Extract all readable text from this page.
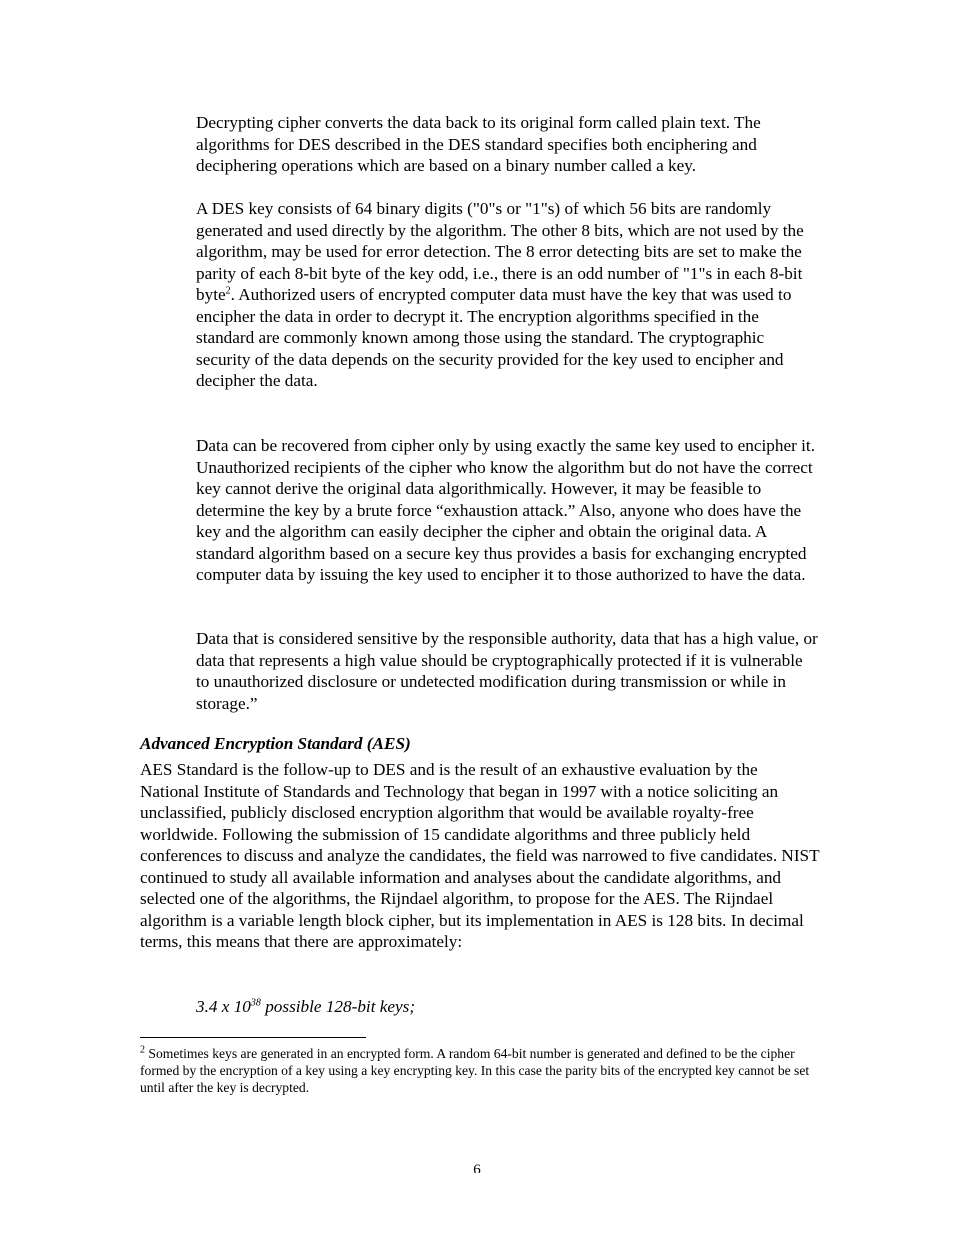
Decrypting cipher converts the data back to its original form called plain text. The algorithms for DES described in the DES standard specifies both enciphering and deciphering operations which are based on a binary number called a key.

A DES key consists of 64 binary digits ("0"s or "1"s) of which 56 bits are randomly generated and used directly by the algorithm. The other 8 bits, which are not used by the algorithm, may be used for error detection. The 8 error detecting bits are set to make the parity of each 8-bit byte of the key odd, i.e., there is an odd number of "1"s in each 8-bit byte$^2$. Authorized users of encrypted computer data must have the key that was used to encipher the data in order to decrypt it. The encryption algorithms specified in the standard are commonly known among those using the standard. The cryptographic security of the data depends on the security provided for the key used to encipher and decipher the data.

Data can be recovered from cipher only by using exactly the same key used to encipher it. Unauthorized recipients of the cipher who know the algorithm but do not have the correct key cannot derive the original data algorithmically. However, it may be feasible to determine the key by a brute force “exhaustion attack.” Also, anyone who does have the key and the algorithm can easily decipher the cipher and obtain the original data. A standard algorithm based on a secure key thus provides a basis for exchanging encrypted computer data by issuing the key used to encipher it to those authorized to have the data.

Data that is considered sensitive by the responsible authority, data that has a high value, or data that represents a high value should be cryptographically protected if it is vulnerable to unauthorized disclosure or undetected modification during transmission or while in storage.”

Advanced Encryption Standard (AES)

AES Standard is the follow-up to DES and is the result of an exhaustive evaluation by the National Institute of Standards and Technology that began in 1997 with a notice soliciting an unclassified, publicly disclosed encryption algorithm that would be available royalty-free worldwide. Following the submission of 15 candidate algorithms and three publicly held conferences to discuss and analyze the candidates, the field was narrowed to five candidates. NIST continued to study all available information and analyses about the candidate algorithms, and selected one of the algorithms, the Rijndael algorithm, to propose for the AES. The Rijndael algorithm is a variable length block cipher, but its implementation in AES is 128 bits. In decimal terms, this means that there are approximately:

3.4 x $10^{38}$ possible 128-bit keys;

$^2$ Sometimes keys are generated in an encrypted form. A random 64-bit number is generated and defined to be the cipher formed by the encryption of a key using a key encrypting key. In this case the parity bits of the encrypted key cannot be set until after the key is decrypted.

6
